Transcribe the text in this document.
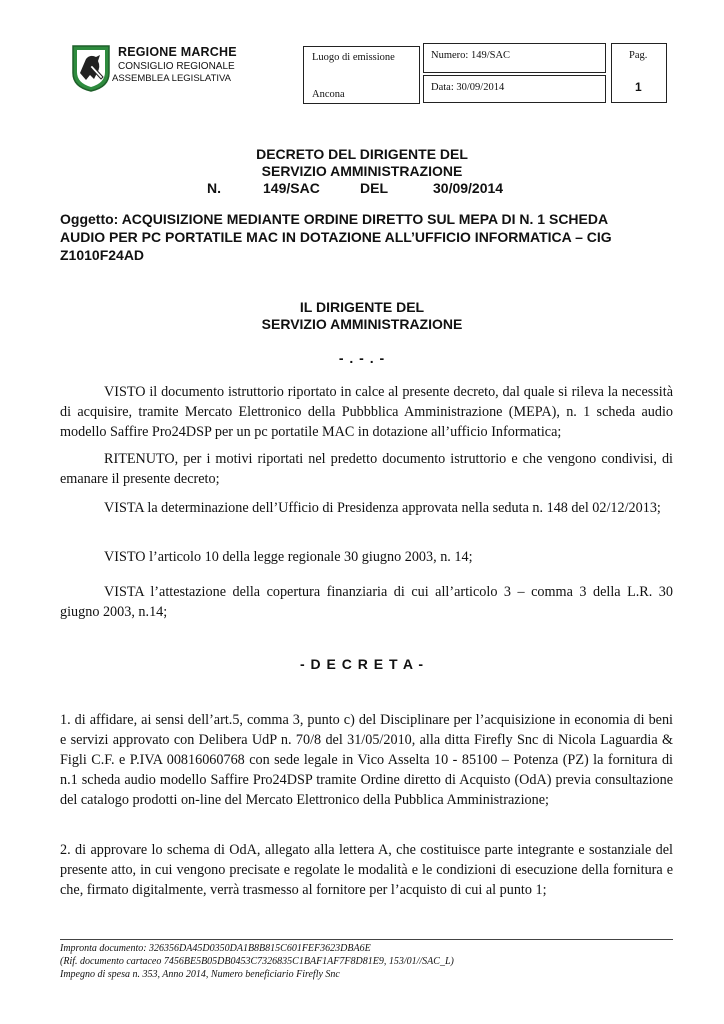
REGIONE MARCHE
CONSIGLIO REGIONALE
ASSEMBLEA LEGISLATIVA
Luogo di emissione
Ancona
Numero: 149/SAC
Data: 30/09/2014
Pag.
1
DECRETO DEL DIRIGENTE DEL
SERVIZIO AMMINISTRAZIONE
N.	149/SAC	DEL	30/09/2014
Oggetto: ACQUISIZIONE MEDIANTE ORDINE DIRETTO SUL MEPA DI N. 1 SCHEDA
AUDIO PER PC PORTATILE MAC IN DOTAZIONE ALL’UFFICIO INFORMATICA – CIG
Z1010F24AD
IL DIRIGENTE DEL
SERVIZIO AMMINISTRAZIONE
- . - . -
VISTO il documento istruttorio riportato in calce al presente decreto, dal quale si rileva la necessità di acquisire, tramite Mercato Elettronico della Pubbblica Amministrazione (MEPA), n. 1 scheda audio modello Saffire Pro24DSP per un pc portatile MAC in dotazione all’ufficio Informatica;
RITENUTO, per i motivi riportati nel predetto documento istruttorio e che vengono condivisi, di emanare il presente decreto;
VISTA la determinazione dell’Ufficio di Presidenza approvata nella seduta n. 148 del 02/12/2013;
VISTO l’articolo 10 della legge regionale 30 giugno 2003, n. 14;
VISTA l’attestazione della copertura finanziaria di cui all’articolo 3 – comma 3 della L.R. 30 giugno 2003, n.14;
- D E C R E T A -
1. di affidare, ai sensi dell’art.5, comma 3, punto c) del Disciplinare per l’acquisizione in economia di beni e servizi approvato con Delibera UdP n. 70/8 del 31/05/2010, alla ditta Firefly Snc di Nicola Laguardia & Figli C.F. e P.IVA 00816060768 con sede legale in Vico Asselta 10 - 85100 – Potenza (PZ) la fornitura di n.1 scheda audio modello Saffire Pro24DSP tramite Ordine diretto di Acquisto (OdA) previa consultazione del catalogo prodotti on-line del Mercato Elettronico della Pubblica Amministrazione;
2. di approvare lo schema di OdA, allegato alla lettera A, che costituisce parte integrante e sostanziale del presente atto, in cui vengono precisate e regolate le modalità e le condizioni di esecuzione della fornitura e che, firmato digitalmente, verrà trasmesso al fornitore per l’acquisto di cui al punto 1;
Impronta documento: 326356DA45D0350DA1B8B815C601FEF3623DBA6E
(Rif. documento cartaceo 7456BE5B05DB0453C7326835C1BAF1AF7F8D81E9, 153/01//SAC_L)
Impegno di spesa n. 353, Anno 2014, Numero beneficiario Firefly Snc
